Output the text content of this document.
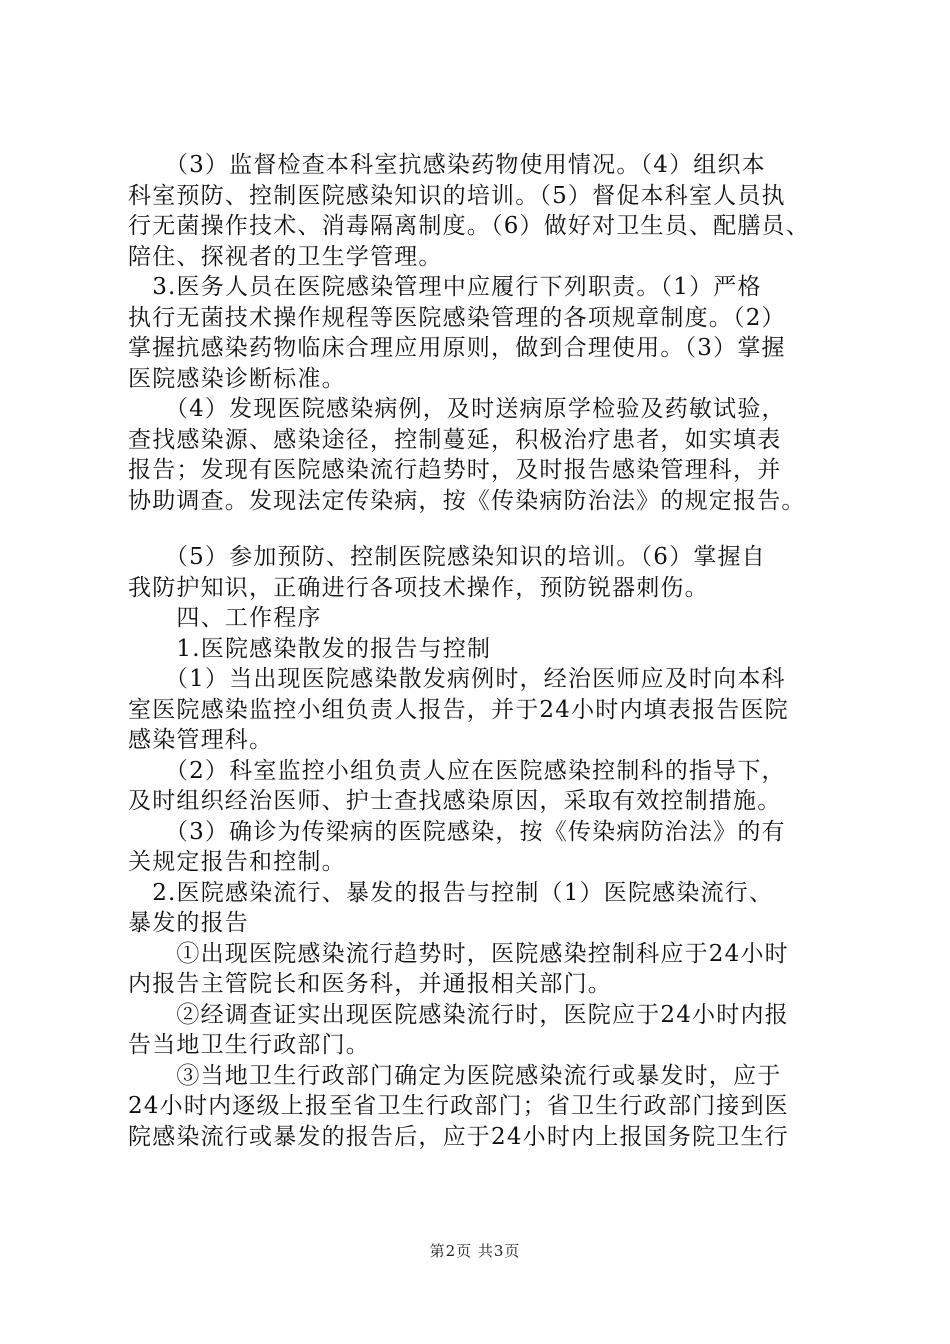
　　（3）监督检查本科室抗感染药物使用情况。（4）组织本
科室预防、控制医院感染知识的培训。（5）督促本科室人员执
行无菌操作技术、消毒隔离制度。（6）做好对卫生员、配膳员、
陪住、探视者的卫生学管理。

　3.医务人员在医院感染管理中应履行下列职责。（1）严格
执行无菌技术操作规程等医院感染管理的各项规章制度。（2）
掌握抗感染药物临床合理应用原则，做到合理使用。（3）掌握
医院感染诊断标准。

　　（4）发现医院感染病例，及时送病原学检验及药敏试验，
查找感染源、感染途径，控制蔓延，积极治疗患者，如实填表
报告；发现有医院感染流行趋势时，及时报告感染管理科，并
协助调查。发现法定传染病，按《传染病防治法》的规定报告。

　　（5）参加预防、控制医院感染知识的培训。（6）掌握自
我防护知识，正确进行各项技术操作，预防锐器刺伤。

　　四、工作程序

　　1.医院感染散发的报告与控制

　　（1）当出现医院感染散发病例时，经治医师应及时向本科
室医院感染监控小组负责人报告，并于24小时内填表报告医院
感染管理科。

　　（2）科室监控小组负责人应在医院感染控制科的指导下，
及时组织经治医师、护士查找感染原因，采取有效控制措施。

　　（3）确诊为传梁病的医院感染，按《传染病防治法》的有
关规定报告和控制。

　2.医院感染流行、暴发的报告与控制（1）医院感染流行、
暴发的报告

　　①出现医院感染流行趋势时，医院感染控制科应于24小时
内报告主管院长和医务科，并通报相关部门。

　　②经调查证实出现医院感染流行时，医院应于24小时内报
告当地卫生行政部门。

　　③当地卫生行政部门确定为医院感染流行或暴发时，应于
24小时内逐级上报至省卫生行政部门；省卫生行政部门接到医
院感染流行或暴发的报告后，应于24小时内上报国务院卫生行

第2页 共3页
